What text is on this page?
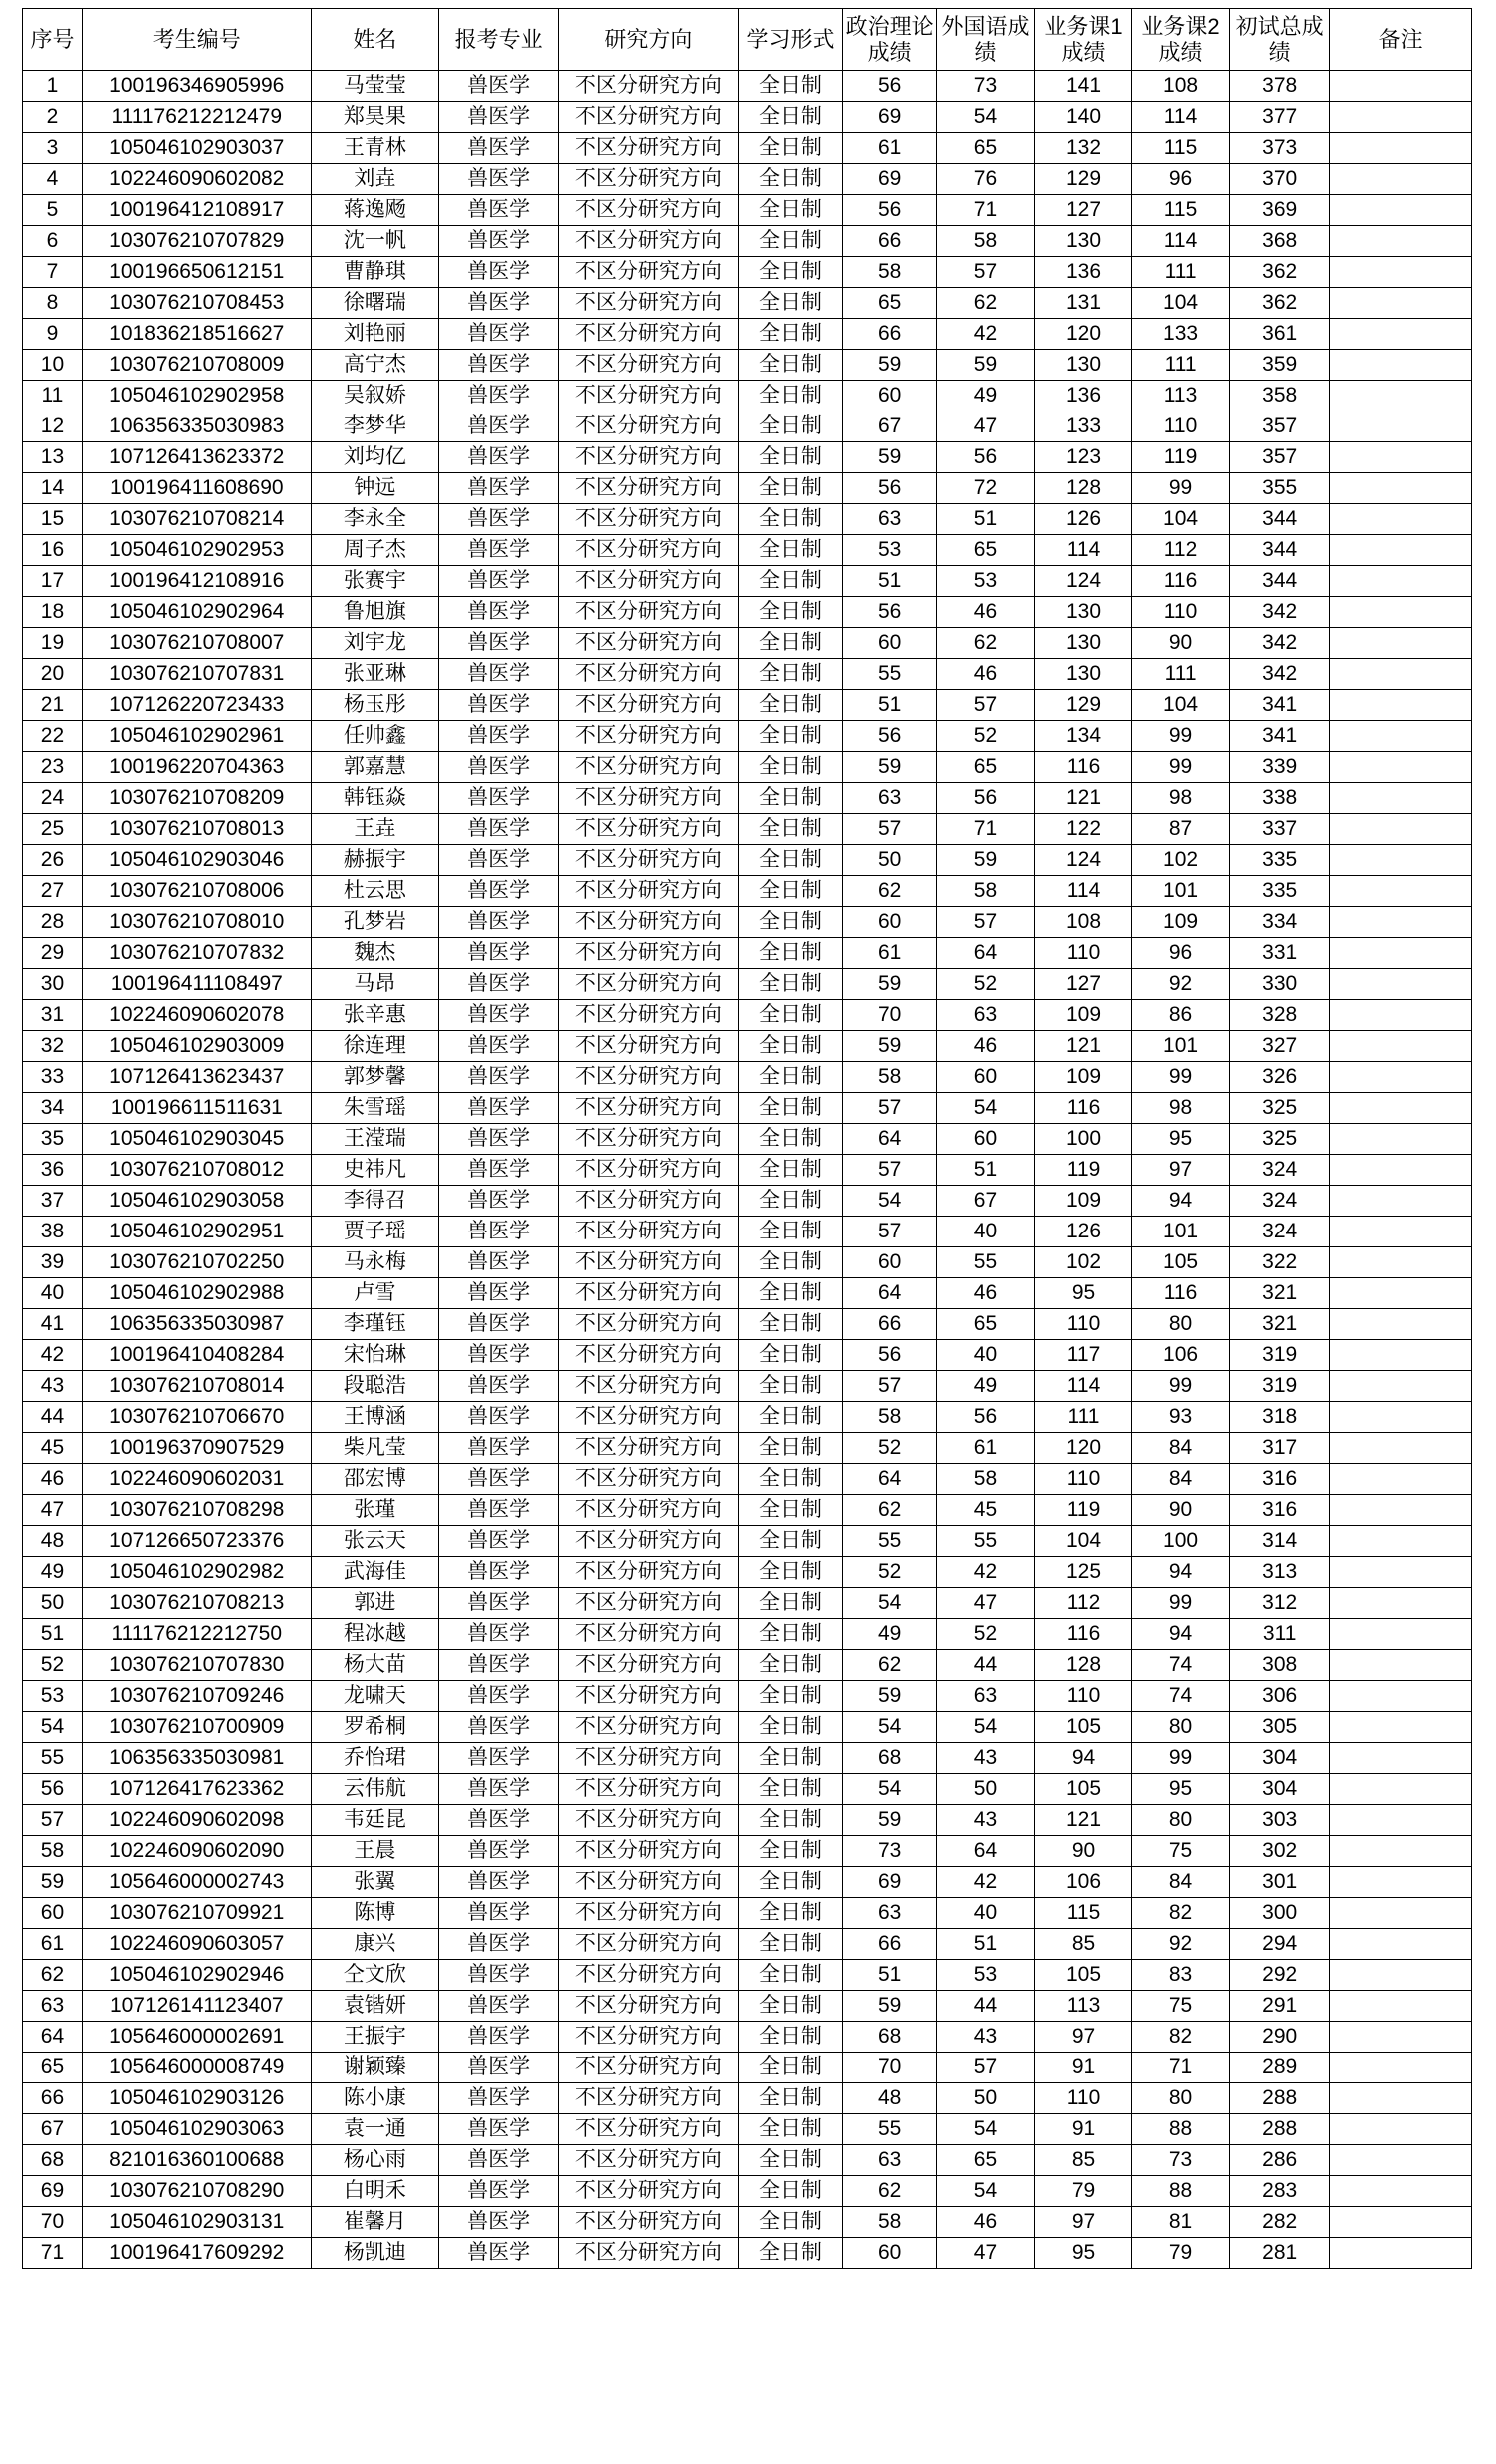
序号	考生编号	姓名	报考专业	研究方向	学习形式	政治理论成绩	外国语成绩	业务课1成绩	业务课2成绩	初试总成绩	备注
1	100196346905996	马莹莹	兽医学	不区分研究方向	全日制	56	73	141	108	378	
2	111176212212479	郑昊果	兽医学	不区分研究方向	全日制	69	54	140	114	377	
3	105046102903037	王青林	兽医学	不区分研究方向	全日制	61	65	132	115	373	
4	102246090602082	刘垚	兽医学	不区分研究方向	全日制	69	76	129	96	370	
5	100196412108917	蒋逸飏	兽医学	不区分研究方向	全日制	56	71	127	115	369	
6	103076210707829	沈一帆	兽医学	不区分研究方向	全日制	66	58	130	114	368	
7	100196650612151	曹静琪	兽医学	不区分研究方向	全日制	58	57	136	111	362	
8	103076210708453	徐曙瑞	兽医学	不区分研究方向	全日制	65	62	131	104	362	
9	101836218516627	刘艳丽	兽医学	不区分研究方向	全日制	66	42	120	133	361	
10	103076210708009	高宁杰	兽医学	不区分研究方向	全日制	59	59	130	111	359	
11	105046102902958	吴叙娇	兽医学	不区分研究方向	全日制	60	49	136	113	358	
12	106356335030983	李梦华	兽医学	不区分研究方向	全日制	67	47	133	110	357	
13	107126413623372	刘均亿	兽医学	不区分研究方向	全日制	59	56	123	119	357	
14	100196411608690	钟远	兽医学	不区分研究方向	全日制	56	72	128	99	355	
15	103076210708214	李永全	兽医学	不区分研究方向	全日制	63	51	126	104	344	
16	105046102902953	周子杰	兽医学	不区分研究方向	全日制	53	65	114	112	344	
17	100196412108916	张赛宇	兽医学	不区分研究方向	全日制	51	53	124	116	344	
18	105046102902964	鲁旭旗	兽医学	不区分研究方向	全日制	56	46	130	110	342	
19	103076210708007	刘宇龙	兽医学	不区分研究方向	全日制	60	62	130	90	342	
20	103076210707831	张亚琳	兽医学	不区分研究方向	全日制	55	46	130	111	342	
21	107126220723433	杨玉彤	兽医学	不区分研究方向	全日制	51	57	129	104	341	
22	105046102902961	任帅鑫	兽医学	不区分研究方向	全日制	56	52	134	99	341	
23	100196220704363	郭嘉慧	兽医学	不区分研究方向	全日制	59	65	116	99	339	
24	103076210708209	韩钰焱	兽医学	不区分研究方向	全日制	63	56	121	98	338	
25	103076210708013	王垚	兽医学	不区分研究方向	全日制	57	71	122	87	337	
26	105046102903046	赫振宇	兽医学	不区分研究方向	全日制	50	59	124	102	335	
27	103076210708006	杜云思	兽医学	不区分研究方向	全日制	62	58	114	101	335	
28	103076210708010	孔梦岩	兽医学	不区分研究方向	全日制	60	57	108	109	334	
29	103076210707832	魏杰	兽医学	不区分研究方向	全日制	61	64	110	96	331	
30	100196411108497	马昂	兽医学	不区分研究方向	全日制	59	52	127	92	330	
31	102246090602078	张辛惠	兽医学	不区分研究方向	全日制	70	63	109	86	328	
32	105046102903009	徐连理	兽医学	不区分研究方向	全日制	59	46	121	101	327	
33	107126413623437	郭梦馨	兽医学	不区分研究方向	全日制	58	60	109	99	326	
34	100196611511631	朱雪瑶	兽医学	不区分研究方向	全日制	57	54	116	98	325	
35	105046102903045	王滢瑞	兽医学	不区分研究方向	全日制	64	60	100	95	325	
36	103076210708012	史祎凡	兽医学	不区分研究方向	全日制	57	51	119	97	324	
37	105046102903058	李得召	兽医学	不区分研究方向	全日制	54	67	109	94	324	
38	105046102902951	贾子瑶	兽医学	不区分研究方向	全日制	57	40	126	101	324	
39	103076210702250	马永梅	兽医学	不区分研究方向	全日制	60	55	102	105	322	
40	105046102902988	卢雪	兽医学	不区分研究方向	全日制	64	46	95	116	321	
41	106356335030987	李瑾钰	兽医学	不区分研究方向	全日制	66	65	110	80	321	
42	100196410408284	宋怡琳	兽医学	不区分研究方向	全日制	56	40	117	106	319	
43	103076210708014	段聪浩	兽医学	不区分研究方向	全日制	57	49	114	99	319	
44	103076210706670	王博涵	兽医学	不区分研究方向	全日制	58	56	111	93	318	
45	100196370907529	柴凡莹	兽医学	不区分研究方向	全日制	52	61	120	84	317	
46	102246090602031	邵宏博	兽医学	不区分研究方向	全日制	64	58	110	84	316	
47	103076210708298	张瑾	兽医学	不区分研究方向	全日制	62	45	119	90	316	
48	107126650723376	张云天	兽医学	不区分研究方向	全日制	55	55	104	100	314	
49	105046102902982	武海佳	兽医学	不区分研究方向	全日制	52	42	125	94	313	
50	103076210708213	郭进	兽医学	不区分研究方向	全日制	54	47	112	99	312	
51	111176212212750	程冰越	兽医学	不区分研究方向	全日制	49	52	116	94	311	
52	103076210707830	杨大苗	兽医学	不区分研究方向	全日制	62	44	128	74	308	
53	103076210709246	龙啸天	兽医学	不区分研究方向	全日制	59	63	110	74	306	
54	103076210700909	罗希桐	兽医学	不区分研究方向	全日制	54	54	105	80	305	
55	106356335030981	乔怡珺	兽医学	不区分研究方向	全日制	68	43	94	99	304	
56	107126417623362	云伟航	兽医学	不区分研究方向	全日制	54	50	105	95	304	
57	102246090602098	韦廷昆	兽医学	不区分研究方向	全日制	59	43	121	80	303	
58	102246090602090	王晨	兽医学	不区分研究方向	全日制	73	64	90	75	302	
59	105646000002743	张翼	兽医学	不区分研究方向	全日制	69	42	106	84	301	
60	103076210709921	陈博	兽医学	不区分研究方向	全日制	63	40	115	82	300	
61	102246090603057	康兴	兽医学	不区分研究方向	全日制	66	51	85	92	294	
62	105046102902946	仝文欣	兽医学	不区分研究方向	全日制	51	53	105	83	292	
63	107126141123407	袁锴妍	兽医学	不区分研究方向	全日制	59	44	113	75	291	
64	105646000002691	王振宇	兽医学	不区分研究方向	全日制	68	43	97	82	290	
65	105646000008749	谢颖臻	兽医学	不区分研究方向	全日制	70	57	91	71	289	
66	105046102903126	陈小康	兽医学	不区分研究方向	全日制	48	50	110	80	288	
67	105046102903063	袁一通	兽医学	不区分研究方向	全日制	55	54	91	88	288	
68	821016360100688	杨心雨	兽医学	不区分研究方向	全日制	63	65	85	73	286	
69	103076210708290	白明禾	兽医学	不区分研究方向	全日制	62	54	79	88	283	
70	105046102903131	崔馨月	兽医学	不区分研究方向	全日制	58	46	97	81	282	
71	100196417609292	杨凯迪	兽医学	不区分研究方向	全日制	60	47	95	79	281	
